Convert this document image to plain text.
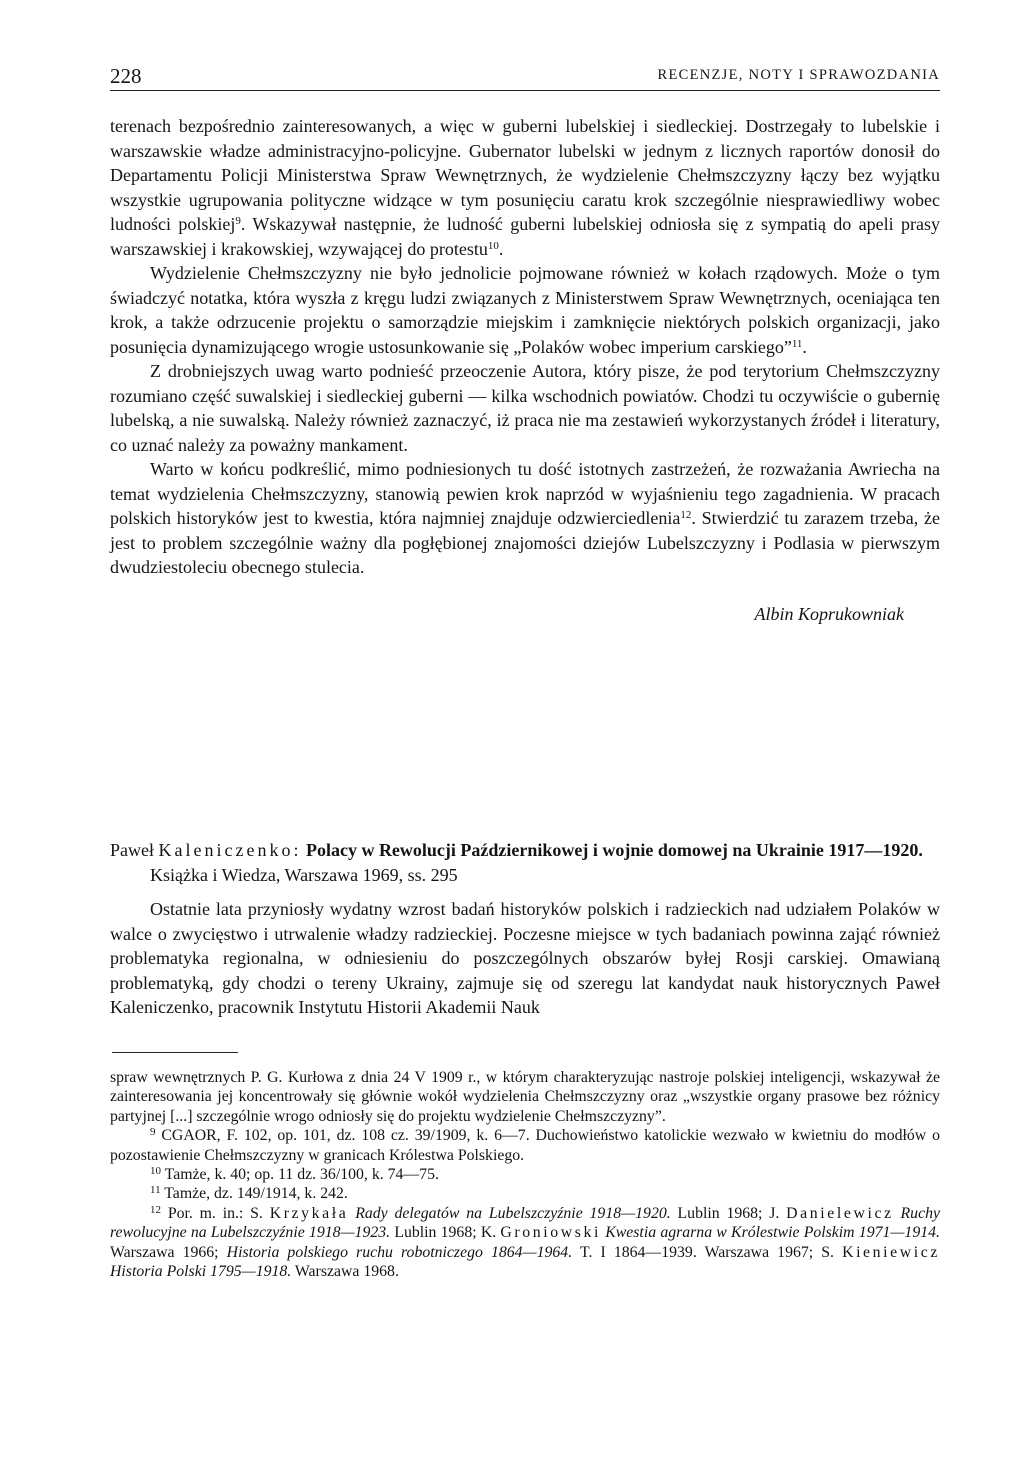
228	RECENZJE, NOTY I SPRAWOZDANIA

terenach bezpośrednio zainteresowanych, a więc w guberni lubelskiej i siedleckiej. Dostrzegały to lubelskie i warszawskie władze administracyjno-policyjne. Gubernator lubelski w jednym z licznych raportów donosił do Departamentu Policji Ministerstwa Spraw Wewnętrznych, że wydzielenie Chełmszczyzny łączy bez wyjątku wszystkie ugrupowania polityczne widzące w tym posunięciu caratu krok szczególnie niesprawiedliwy wobec ludności polskiej$^9$. Wskazywał następnie, że ludność guberni lubelskiej odniosła się z sympatią do apeli prasy warszawskiej i krakowskiej, wzywającej do protestu$^{10}$.

Wydzielenie Chełmszczyzny nie było jednolicie pojmowane również w kołach rządowych. Może o tym świadczyć notatka, która wyszła z kręgu ludzi związanych z Ministerstwem Spraw Wewnętrznych, oceniająca ten krok, a także odrzucenie projektu o samorządzie miejskim i zamknięcie niektórych polskich organizacji, jako posunięcia dynamizującego wrogie ustosunkowanie się „Polaków wobec imperium carskiego”$^{11}$.

Z drobniejszych uwag warto podnieść przeoczenie Autora, który pisze, że pod terytorium Chełmszczyzny rozumiano część suwalskiej i siedleckiej guberni — kilka wschodnich powiatów. Chodzi tu oczywiście o gubernię lubelską, a nie suwalską. Należy również zaznaczyć, iż praca nie ma zestawień wykorzystanych źródeł i literatury, co uznać należy za poważny mankament.

Warto w końcu podkreślić, mimo podniesionych tu dość istotnych zastrzeżeń, że rozważania Awriecha na temat wydzielenia Chełmszczyzny, stanowią pewien krok naprzód w wyjaśnieniu tego zagadnienia. W pracach polskich historyków jest to kwestia, która najmniej znajduje odzwierciedlenia$^{12}$. Stwierdzić tu zarazem trzeba, że jest to problem szczególnie ważny dla pogłębionej znajomości dziejów Lubelszczyzny i Podlasia w pierwszym dwudziestoleciu obecnego stulecia.

Albin Koprukowniak

Paweł Kaleniczenko: Polacy w Rewolucji Październikowej i wojnie domowej na Ukrainie 1917—1920. Książka i Wiedza, Warszawa 1969, ss. 295

Ostatnie lata przyniosły wydatny wzrost badań historyków polskich i radzieckich nad udziałem Polaków w walce o zwycięstwo i utrwalenie władzy radzieckiej. Poczesne miejsce w tych badaniach powinna zająć również problematyka regionalna, w odniesieniu do poszczególnych obszarów byłej Rosji carskiej. Omawianą problematyką, gdy chodzi o tereny Ukrainy, zajmuje się od szeregu lat kandydat nauk historycznych Paweł Kaleniczenko, pracownik Instytutu Historii Akademii Nauk

spraw wewnętrznych P. G. Kurłowa z dnia 24 V 1909 r., w którym charakteryzując nastroje polskiej inteligencji, wskazywał że zainteresowania jej koncentrowały się głównie wokół wydzielenia Chełmszczyzny oraz „wszystkie organy prasowe bez różnicy partyjnej [...] szczególnie wrogo odniosły się do projektu wydzielenie Chełmszczyzny”.

$^9$ CGAOR, F. 102, op. 101, dz. 108 cz. 39/1909, k. 6—7. Duchowieństwo katolickie wezwało w kwietniu do modłów o pozostawienie Chełmszczyzny w granicach Królestwa Polskiego.

$^{10}$ Tamże, k. 40; op. 11 dz. 36/100, k. 74—75.

$^{11}$ Tamże, dz. 149/1914, k. 242.

$^{12}$ Por. m. in.: S. Krzykała Rady delegatów na Lubelszczyźnie 1918—1920. Lublin 1968; J. Danielewicz Ruchy rewolucyjne na Lubelszczyźnie 1918—1923. Lublin 1968; K. Groniowski Kwestia agrarna w Królestwie Polskim 1971—1914. Warszawa 1966; Historia polskiego ruchu robotniczego 1864—1964. T. I 1864—1939. Warszawa 1967; S. Kieniewicz Historia Polski 1795—1918. Warszawa 1968.
